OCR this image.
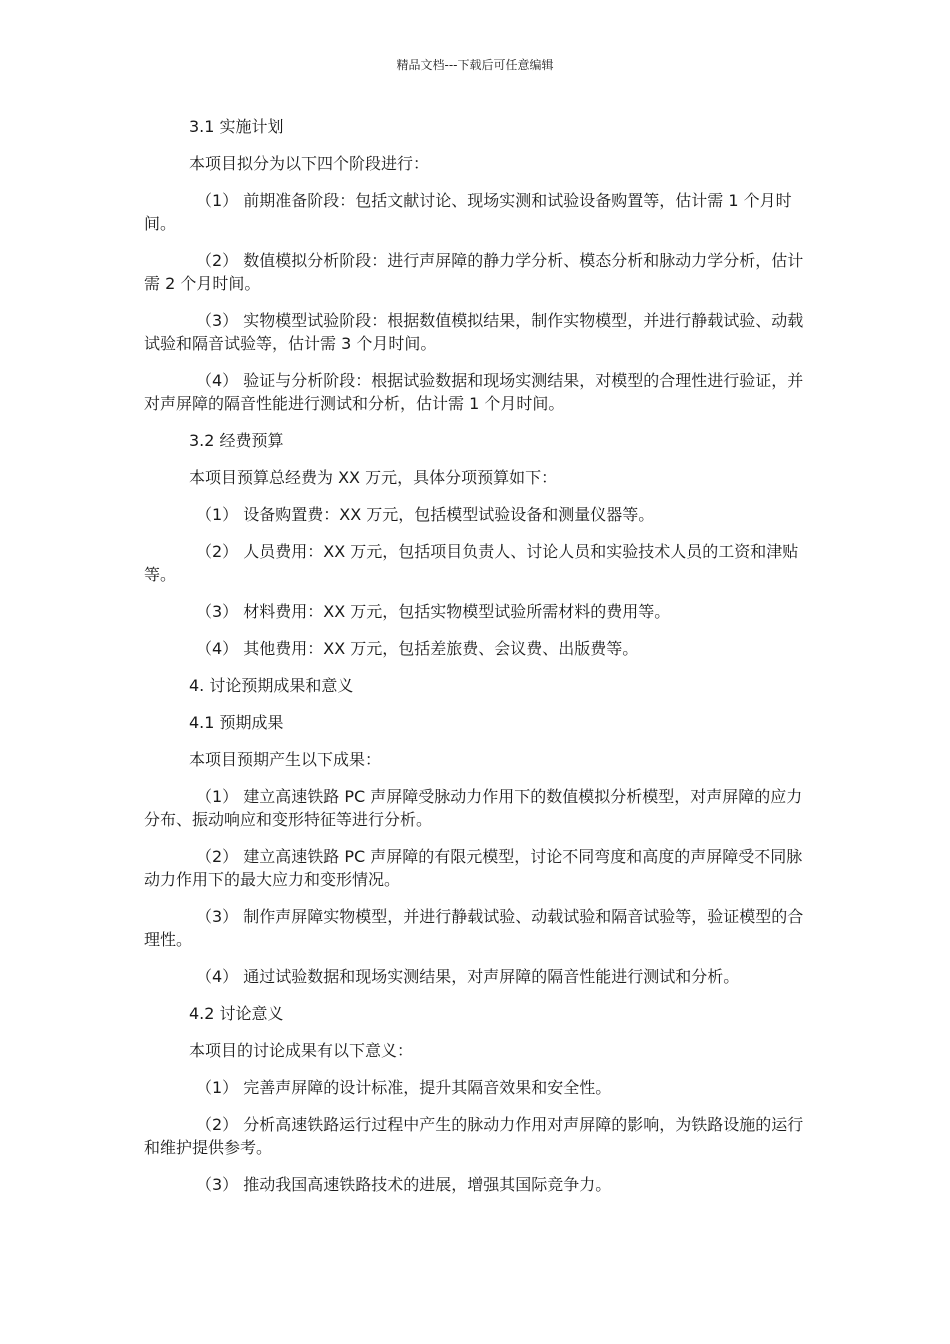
精品文档---下载后可任意编辑

3.1 实施计划

本项目拟分为以下四个阶段进行：

（1） 前期准备阶段：包括文献讨论、现场实测和试验设备购置等，估计需 1 个月时间。

（2） 数值模拟分析阶段：进行声屏障的静力学分析、模态分析和脉动力学分析，估计需 2 个月时间。

（3） 实物模型试验阶段：根据数值模拟结果，制作实物模型，并进行静载试验、动载试验和隔音试验等，估计需 3 个月时间。

（4） 验证与分析阶段：根据试验数据和现场实测结果，对模型的合理性进行验证，并对声屏障的隔音性能进行测试和分析，估计需 1 个月时间。

3.2 经费预算

本项目预算总经费为 XX 万元，具体分项预算如下：

（1） 设备购置费：XX 万元，包括模型试验设备和测量仪器等。

（2） 人员费用：XX 万元，包括项目负责人、讨论人员和实验技术人员的工资和津贴等。

（3） 材料费用：XX 万元，包括实物模型试验所需材料的费用等。

（4） 其他费用：XX 万元，包括差旅费、会议费、出版费等。

4. 讨论预期成果和意义

4.1 预期成果

本项目预期产生以下成果：

（1） 建立高速铁路 PC 声屏障受脉动力作用下的数值模拟分析模型，对声屏障的应力分布、振动响应和变形特征等进行分析。

（2） 建立高速铁路 PC 声屏障的有限元模型，讨论不同弯度和高度的声屏障受不同脉动力作用下的最大应力和变形情况。

（3） 制作声屏障实物模型，并进行静载试验、动载试验和隔音试验等，验证模型的合理性。

（4） 通过试验数据和现场实测结果，对声屏障的隔音性能进行测试和分析。

4.2 讨论意义

本项目的讨论成果有以下意义：

（1） 完善声屏障的设计标准，提升其隔音效果和安全性。

（2） 分析高速铁路运行过程中产生的脉动力作用对声屏障的影响，为铁路设施的运行和维护提供参考。

（3） 推动我国高速铁路技术的进展，增强其国际竞争力。
